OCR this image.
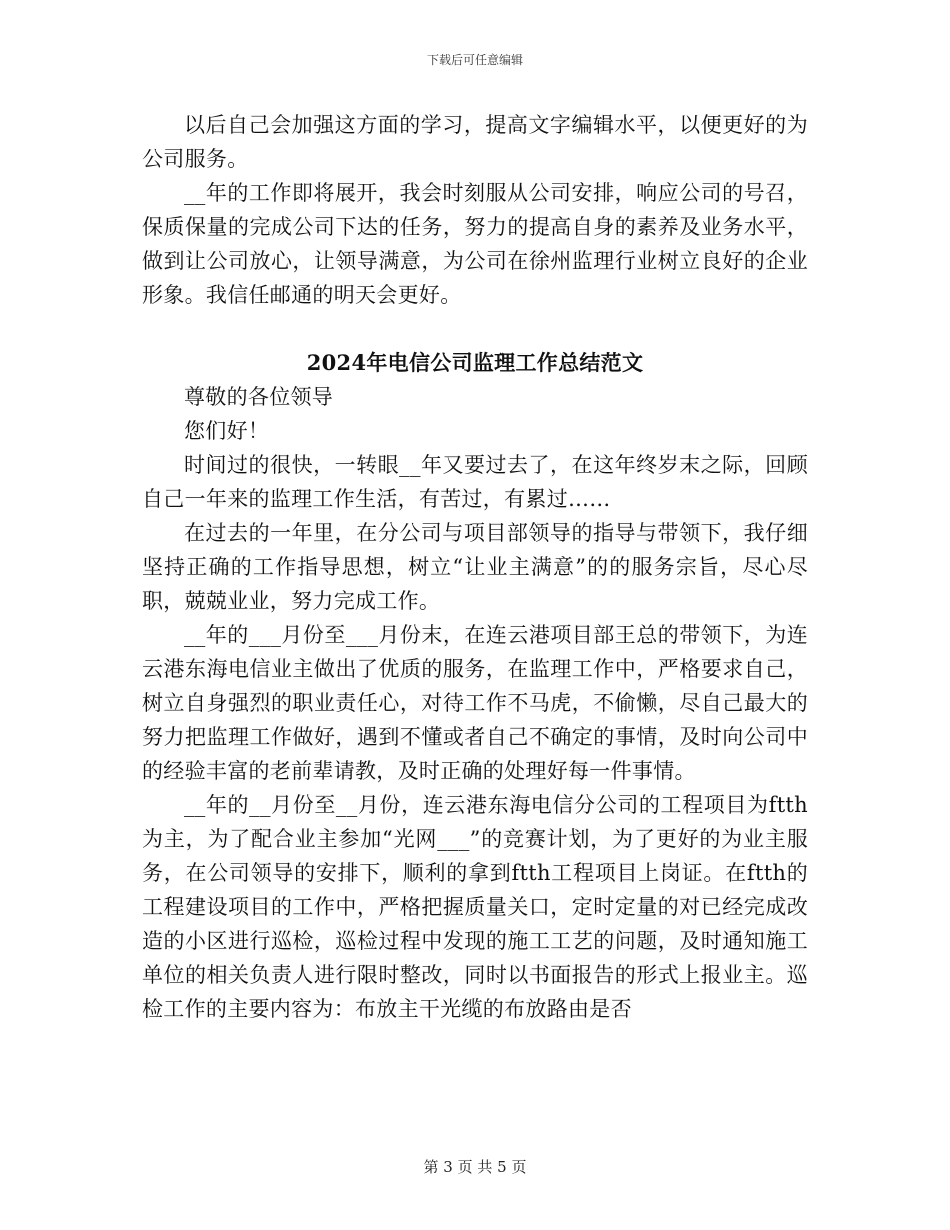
下载后可任意编辑

以后自己会加强这方面的学习，提高文字编辑水平，以便更好的为公司服务。

__年的工作即将展开，我会时刻服从公司安排，响应公司的号召，保质保量的完成公司下达的任务，努力的提高自身的素养及业务水平，做到让公司放心，让领导满意，为公司在徐州监理行业树立良好的企业形象。我信任邮通的明天会更好。

2024年电信公司监理工作总结范文

尊敬的各位领导

您们好！

时间过的很快，一转眼__年又要过去了，在这年终岁末之际，回顾自己一年来的监理工作生活，有苦过，有累过……

在过去的一年里，在分公司与项目部领导的指导与带领下，我仔细坚持正确的工作指导思想，树立“让业主满意”的的服务宗旨，尽心尽职，兢兢业业，努力完成工作。

__年的___月份至___月份末，在连云港项目部王总的带领下，为连云港东海电信业主做出了优质的服务，在监理工作中，严格要求自己，树立自身强烈的职业责任心，对待工作不马虎，不偷懒，尽自己最大的努力把监理工作做好，遇到不懂或者自己不确定的事情，及时向公司中的经验丰富的老前辈请教，及时正确的处理好每一件事情。

__年的__月份至__月份，连云港东海电信分公司的工程项目为ftth为主，为了配合业主参加“光网___”的竞赛计划，为了更好的为业主服务，在公司领导的安排下，顺利的拿到ftth工程项目上岗证。在ftth的工程建设项目的工作中，严格把握质量关口，定时定量的对已经完成改造的小区进行巡检，巡检过程中发现的施工工艺的问题，及时通知施工单位的相关负责人进行限时整改，同时以书面报告的形式上报业主。巡检工作的主要内容为：布放主干光缆的布放路由是否

第 3 页 共 5 页
